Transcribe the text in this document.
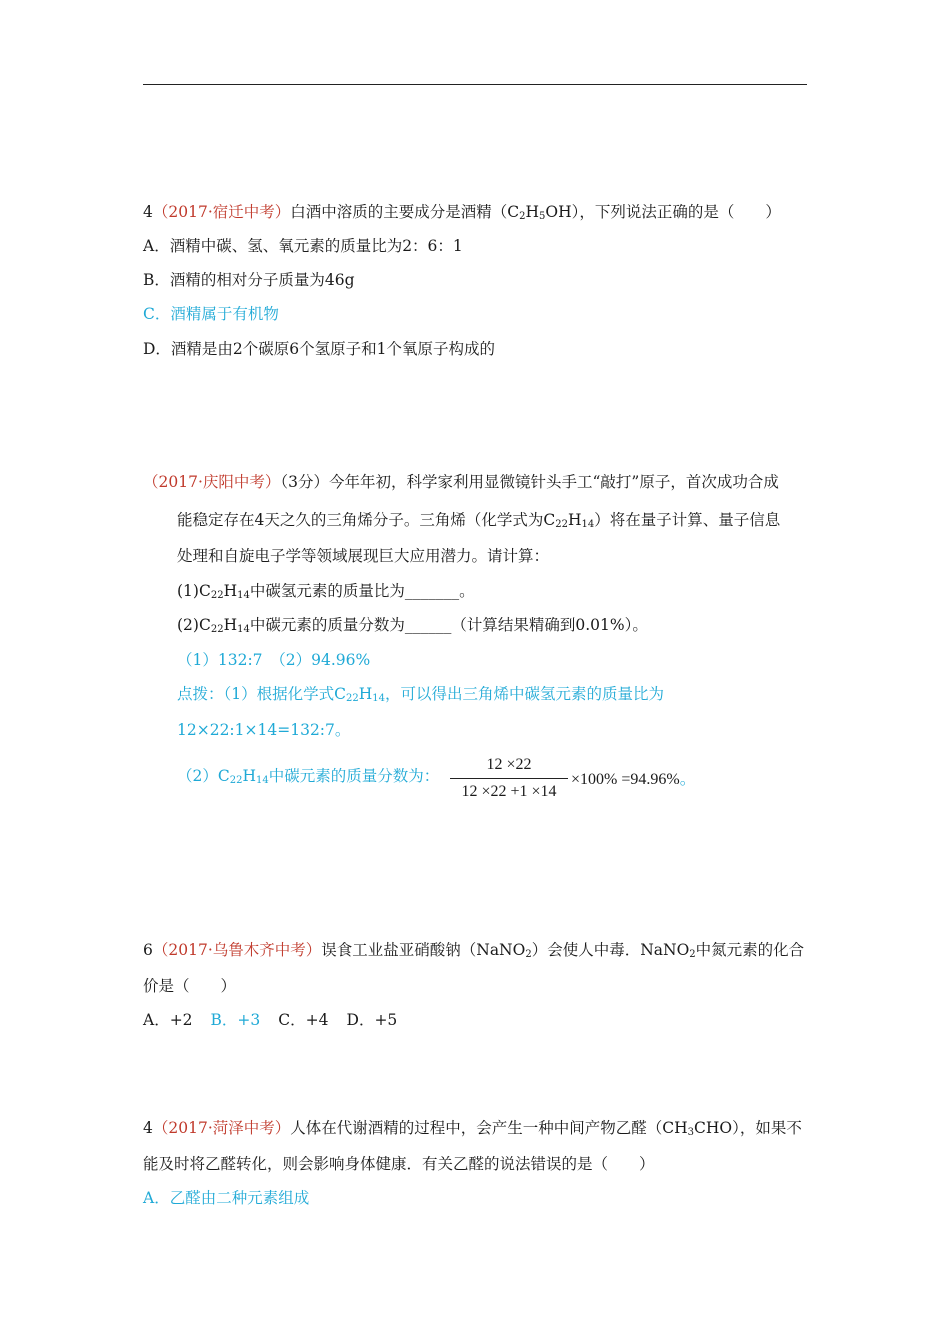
4（2017·宿迁中考）白酒中溶质的主要成分是酒精$(C_2H_5OH)$，下列说法正确的是（　　）
A．酒精中碳、氢、氧元素的质量比为2：6：1
B．酒精的相对分子质量为46g
C．酒精属于有机物
D．酒精是由2个碳原6个氢原子和1个氧原子构成的
（2017·庆阳中考）（3分）今年年初，科学家利用显微镜针头手工“敲打”原子，首次成功合成
能稳定存在4天之久的三角烯分子。三角烯（化学式为$C_{22}H_{14}$）将在量子计算、量子信息
处理和自旋电子学等领域展现巨大应用潜力。请计算：
$(1)C_{22}H_{14}$中碳氢元素的质量比为_______。
$(2)C_{22}H_{14}$中碳元素的质量分数为______（计算结果精确到0.01%）。
（1）132:7　（2）94.96%
点拨：（1）根据化学式$C_{22}H_{14}$，可以得出三角烯中碳氢元素的质量比为
12×22:1×14=132:7。
$(2)C_{22}H_{14}$中碳元素的质量分数为：
12 ×22
12 ×22 +1 ×14
×100% =94.96%。
6（2017·乌鲁木齐中考）误食工业盐亚硝酸钠（NaNO$_2$）会使人中毒．NaNO$_2$中氮元素的化合
价是（　　）
A．+2 B．+3 C．+4 D．+5
4（2017·菏泽中考）人体在代谢酒精的过程中，会产生一种中间产物乙醛$(CH_3CHO)$，如果不
能及时将乙醛转化，则会影响身体健康．有关乙醛的说法错误的是（　　）
A．乙醛由二种元素组成
